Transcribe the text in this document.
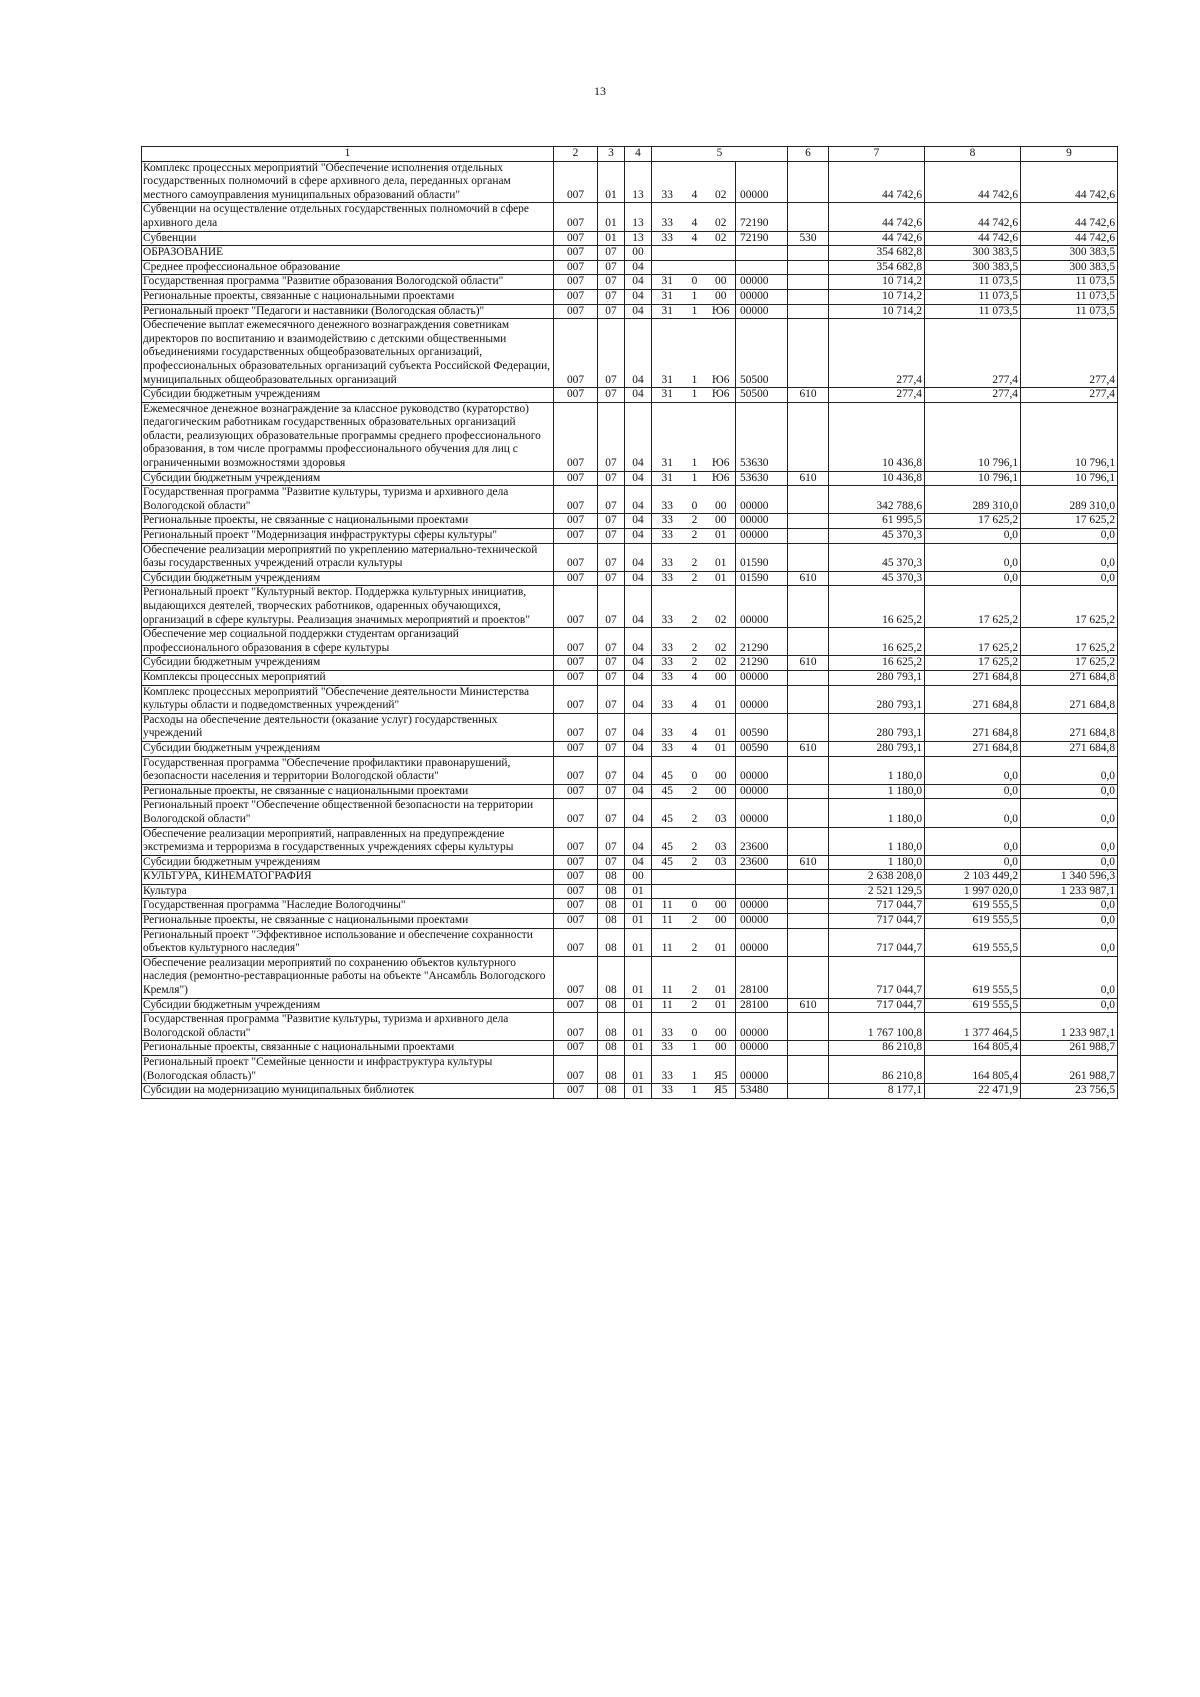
13
1	2	3	4	5				6	7	8	9
Комплекс процессных мероприятий "Обеспечение исполнения отдельных государственных полномочий в сфере архивного дела, переданных органам местного самоуправления муниципальных образований области"	007	01	13	33	4	02	00000		44 742,6	44 742,6	44 742,6
Субвенции на осуществление отдельных государственных полномочий в сфере архивного дела	007	01	13	33	4	02	72190		44 742,6	44 742,6	44 742,6
Субвенции	007	01	13	33	4	02	72190	530	44 742,6	44 742,6	44 742,6
ОБРАЗОВАНИЕ	007	07	00						354 682,8	300 383,5	300 383,5
Среднее профессиональное образование	007	07	04						354 682,8	300 383,5	300 383,5
Государственная программа "Развитие образования Вологодской области"	007	07	04	31	0	00	00000		10 714,2	11 073,5	11 073,5
Региональные проекты, связанные с национальными проектами	007	07	04	31	1	00	00000		10 714,2	11 073,5	11 073,5
Региональный проект "Педагоги и наставники (Вологодская область)"	007	07	04	31	1	Ю6	00000		10 714,2	11 073,5	11 073,5
Обеспечение выплат ежемесячного денежного вознаграждения советникам директоров по воспитанию и взаимодействию с детскими общественными объединениями государственных общеобразовательных организаций, профессиональных образовательных организаций субъекта Российской Федерации, муниципальных общеобразовательных организаций	007	07	04	31	1	Ю6	50500		277,4	277,4	277,4
Субсидии бюджетным учреждениям	007	07	04	31	1	Ю6	50500	610	277,4	277,4	277,4
Ежемесячное денежное вознаграждение за классное руководство (кураторство) педагогическим работникам государственных образовательных организаций области, реализующих образовательные программы среднего профессионального образования, в том числе программы профессионального обучения для лиц с ограниченными возможностями здоровья	007	07	04	31	1	Ю6	53630		10 436,8	10 796,1	10 796,1
Субсидии бюджетным учреждениям	007	07	04	31	1	Ю6	53630	610	10 436,8	10 796,1	10 796,1
Государственная программа "Развитие культуры, туризма и архивного дела Вологодской области"	007	07	04	33	0	00	00000		342 788,6	289 310,0	289 310,0
Региональные проекты, не связанные с национальными проектами	007	07	04	33	2	00	00000		61 995,5	17 625,2	17 625,2
Региональный проект "Модернизация инфраструктуры сферы культуры"	007	07	04	33	2	01	00000		45 370,3	0,0	0,0
Обеспечение реализации мероприятий по укреплению материально-технической базы государственных учреждений отрасли культуры	007	07	04	33	2	01	01590		45 370,3	0,0	0,0
Субсидии бюджетным учреждениям	007	07	04	33	2	01	01590	610	45 370,3	0,0	0,0
Региональный проект "Культурный вектор. Поддержка культурных инициатив, выдающихся деятелей, творческих работников, одаренных обучающихся, организаций в сфере культуры. Реализация значимых мероприятий и проектов"	007	07	04	33	2	02	00000		16 625,2	17 625,2	17 625,2
Обеспечение мер социальной поддержки студентам организаций профессионального образования в сфере культуры	007	07	04	33	2	02	21290		16 625,2	17 625,2	17 625,2
Субсидии бюджетным учреждениям	007	07	04	33	2	02	21290	610	16 625,2	17 625,2	17 625,2
Комплексы процессных мероприятий	007	07	04	33	4	00	00000		280 793,1	271 684,8	271 684,8
Комплекс процессных мероприятий "Обеспечение деятельности Министерства культуры области и подведомственных учреждений"	007	07	04	33	4	01	00000		280 793,1	271 684,8	271 684,8
Расходы на обеспечение деятельности (оказание услуг) государственных учреждений	007	07	04	33	4	01	00590		280 793,1	271 684,8	271 684,8
Субсидии бюджетным учреждениям	007	07	04	33	4	01	00590	610	280 793,1	271 684,8	271 684,8
Государственная программа "Обеспечение профилактики правонарушений, безопасности населения и территории Вологодской области"	007	07	04	45	0	00	00000		1 180,0	0,0	0,0
Региональные проекты, не связанные с национальными проектами	007	07	04	45	2	00	00000		1 180,0	0,0	0,0
Региональный проект "Обеспечение общественной безопасности на территории Вологодской области"	007	07	04	45	2	03	00000		1 180,0	0,0	0,0
Обеспечение реализации мероприятий, направленных на предупреждение экстремизма и терроризма в государственных учреждениях сферы культуры	007	07	04	45	2	03	23600		1 180,0	0,0	0,0
Субсидии бюджетным учреждениям	007	07	04	45	2	03	23600	610	1 180,0	0,0	0,0
КУЛЬТУРА, КИНЕМАТОГРАФИЯ	007	08	00						2 638 208,0	2 103 449,2	1 340 596,3
Культура	007	08	01						2 521 129,5	1 997 020,0	1 233 987,1
Государственная программа "Наследие Вологодчины"	007	08	01	11	0	00	00000		717 044,7	619 555,5	0,0
Региональные проекты, не связанные с национальными проектами	007	08	01	11	2	00	00000		717 044,7	619 555,5	0,0
Региональный проект "Эффективное использование и обеспечение сохранности объектов культурного наследия"	007	08	01	11	2	01	00000		717 044,7	619 555,5	0,0
Обеспечение реализации мероприятий по сохранению объектов культурного наследия (ремонтно-реставрационные работы на объекте "Ансамбль Вологодского Кремля")	007	08	01	11	2	01	28100		717 044,7	619 555,5	0,0
Субсидии бюджетным учреждениям	007	08	01	11	2	01	28100	610	717 044,7	619 555,5	0,0
Государственная программа "Развитие культуры, туризма и архивного дела Вологодской области"	007	08	01	33	0	00	00000		1 767 100,8	1 377 464,5	1 233 987,1
Региональные проекты, связанные с национальными проектами	007	08	01	33	1	00	00000		86 210,8	164 805,4	261 988,7
Региональный проект "Семейные ценности и инфраструктура культуры (Вологодская область)"	007	08	01	33	1	Я5	00000		86 210,8	164 805,4	261 988,7
Субсидии на модернизацию муниципальных библиотек	007	08	01	33	1	Я5	53480		8 177,1	22 471,9	23 756,5
